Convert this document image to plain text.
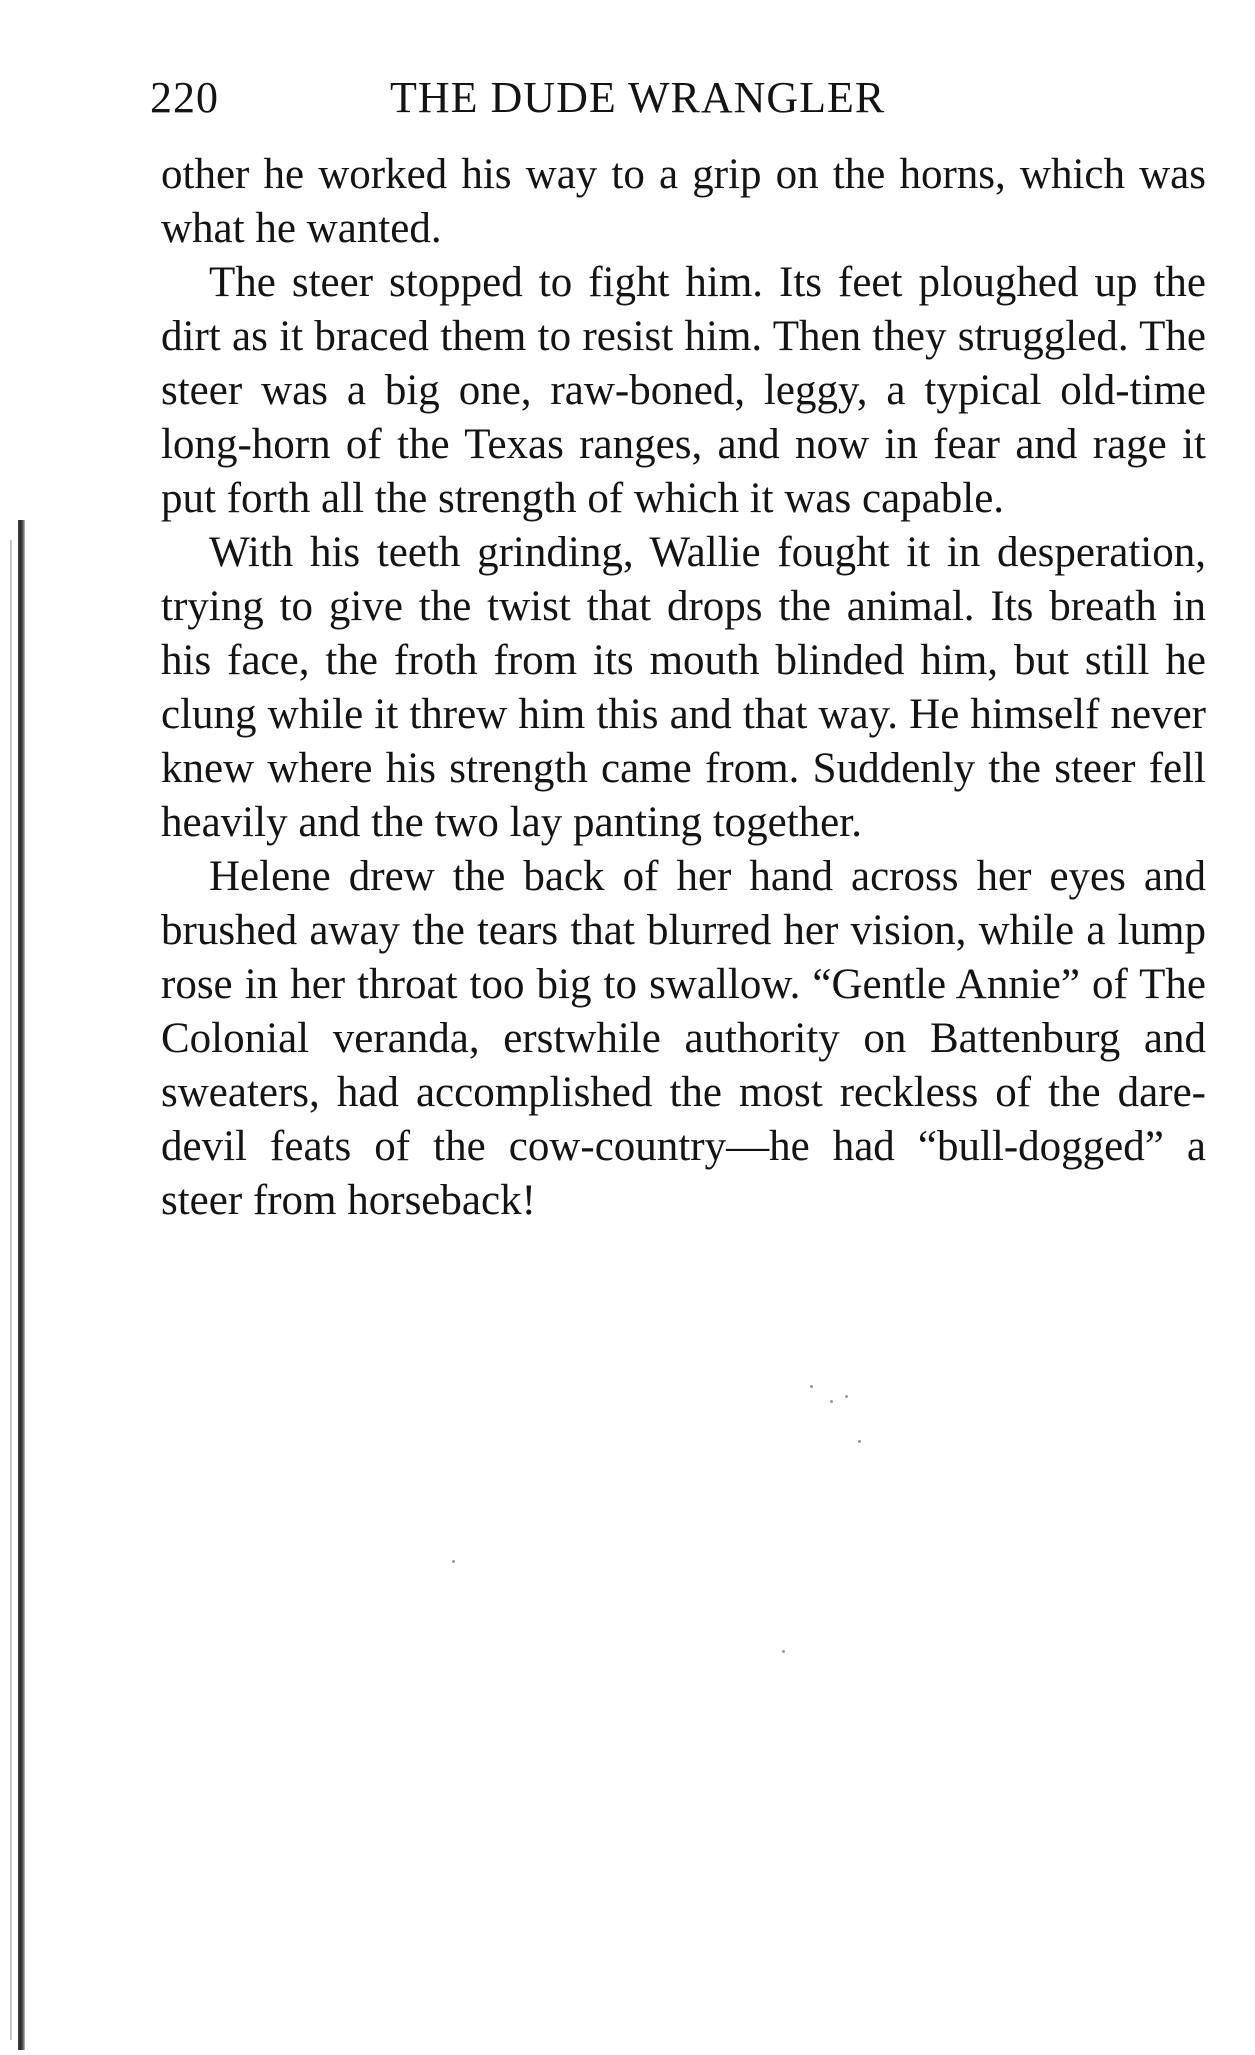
220	THE DUDE WRANGLER

other he worked his way to a grip on the horns, which was what he wanted.

The steer stopped to fight him. Its feet ploughed up the dirt as it braced them to resist him. Then they struggled. The steer was a big one, raw-boned, leggy, a typical old-time long-horn of the Texas ranges, and now in fear and rage it put forth all the strength of which it was capable.

With his teeth grinding, Wallie fought it in desperation, trying to give the twist that drops the animal. Its breath in his face, the froth from its mouth blinded him, but still he clung while it threw him this and that way. He himself never knew where his strength came from. Suddenly the steer fell heavily and the two lay panting together.

Helene drew the back of her hand across her eyes and brushed away the tears that blurred her vision, while a lump rose in her throat too big to swallow. “Gentle Annie” of The Colonial veranda, erstwhile authority on Battenburg and sweaters, had accomplished the most reckless of the dare-devil feats of the cow-country—he had “bull-dogged” a steer from horseback!
